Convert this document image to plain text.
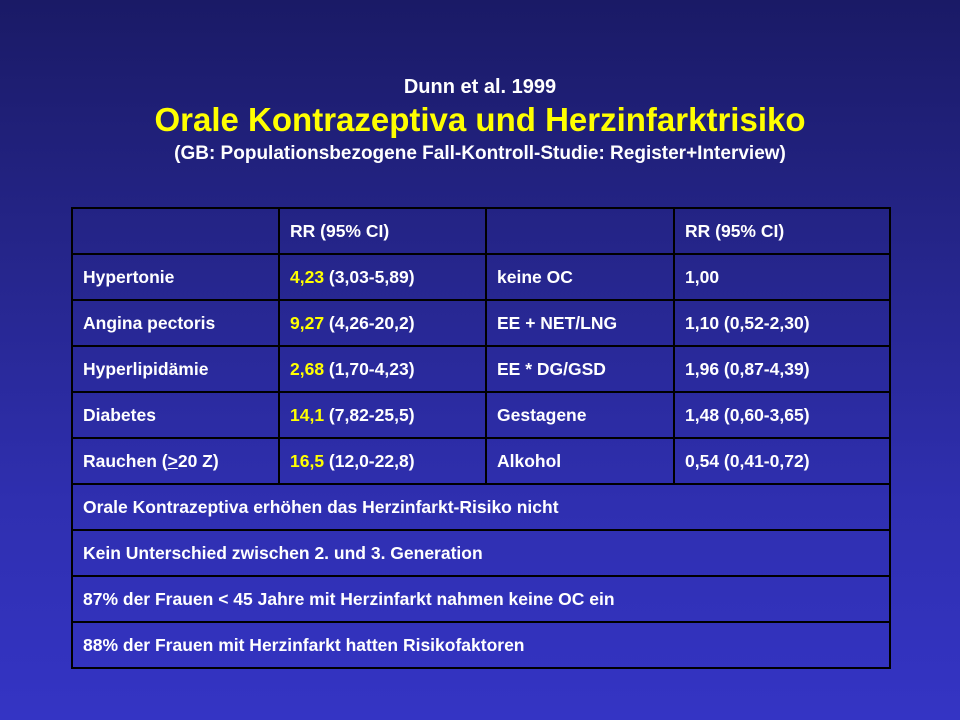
Dunn et al. 1999
Orale Kontrazeptiva und Herzinfarktrisiko
(GB: Populationsbezogene Fall-Kontroll-Studie: Register+Interview)
	RR (95% CI)		RR (95% CI)
Hypertonie	4,23 (3,03-5,89)	keine OC	1,00
Angina pectoris	9,27 (4,26-20,2)	EE + NET/LNG	1,10 (0,52-2,30)
Hyperlipidämie	2,68 (1,70-4,23)	EE * DG/GSD	1,96 (0,87-4,39)
Diabetes	14,1 (7,82-25,5)	Gestagene	1,48 (0,60-3,65)
Rauchen (≥20 Z)	16,5 (12,0-22,8)	Alkohol	0,54 (0,41-0,72)
Orale Kontrazeptiva erhöhen das Herzinfarkt-Risiko nicht			
Kein Unterschied zwischen 2. und 3. Generation			
87% der Frauen < 45 Jahre mit Herzinfarkt nahmen keine OC ein			
88% der Frauen mit Herzinfarkt hatten Risikofaktoren			
